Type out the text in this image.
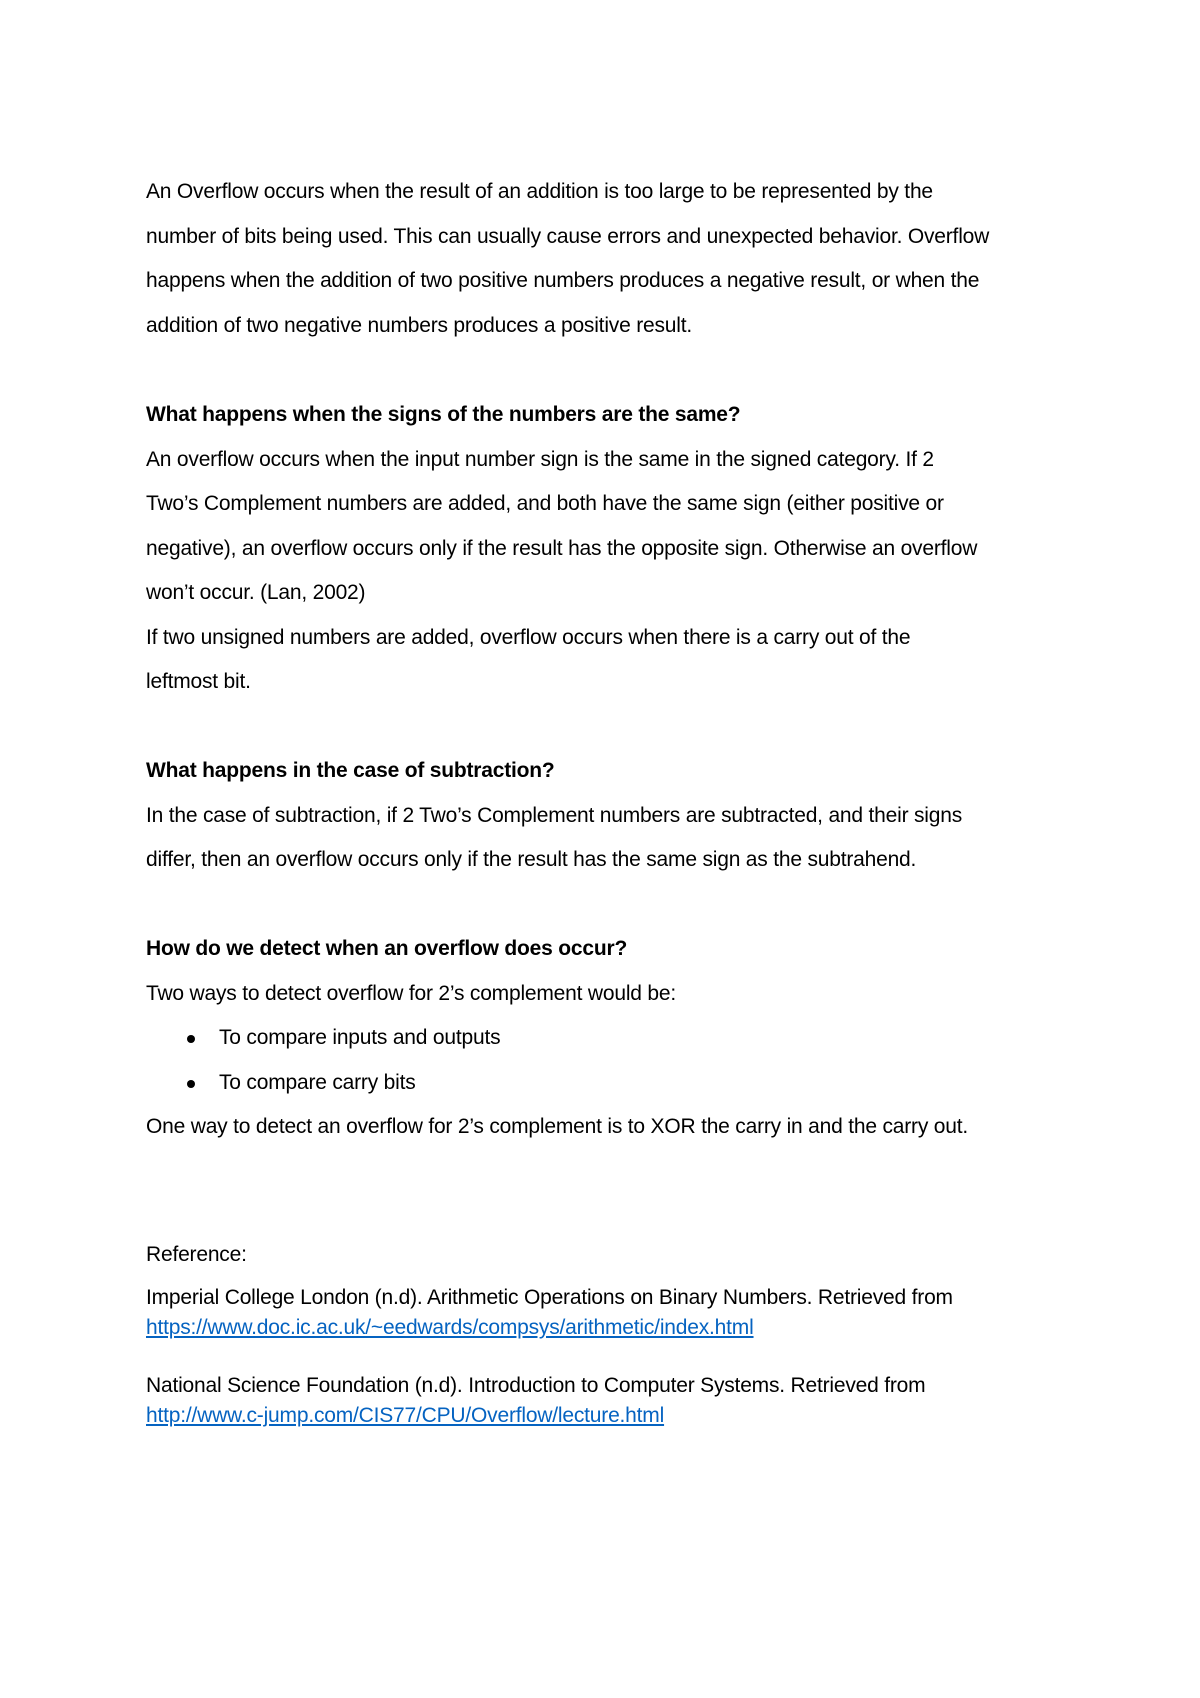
An Overflow occurs when the result of an addition is too large to be represented by the
number of bits being used. This can usually cause errors and unexpected behavior. Overflow
happens when the addition of two positive numbers produces a negative result, or when the
addition of two negative numbers produces a positive result.

What happens when the signs of the numbers are the same?
An overflow occurs when the input number sign is the same in the signed category. If 2
Two’s Complement numbers are added, and both have the same sign (either positive or
negative), an overflow occurs only if the result has the opposite sign. Otherwise an overflow
won’t occur. (Lan, 2002)
If two unsigned numbers are added, overflow occurs when there is a carry out of the
leftmost bit.
What happens in the case of subtraction?
In the case of subtraction, if 2 Two’s Complement numbers are subtracted, and their signs
differ, then an overflow occurs only if the result has the same sign as the subtrahend.
How do we detect when an overflow does occur?
Two ways to detect overflow for 2’s complement would be:
To compare inputs and outputs
To compare carry bits
One way to detect an overflow for 2’s complement is to XOR the carry in and the carry out.
Reference:
Imperial College London (n.d). Arithmetic Operations on Binary Numbers. Retrieved from
https://www.doc.ic.ac.uk/~eedwards/compsys/arithmetic/index.html
National Science Foundation (n.d). Introduction to Computer Systems. Retrieved from
http://www.c-jump.com/CIS77/CPU/Overflow/lecture.html
